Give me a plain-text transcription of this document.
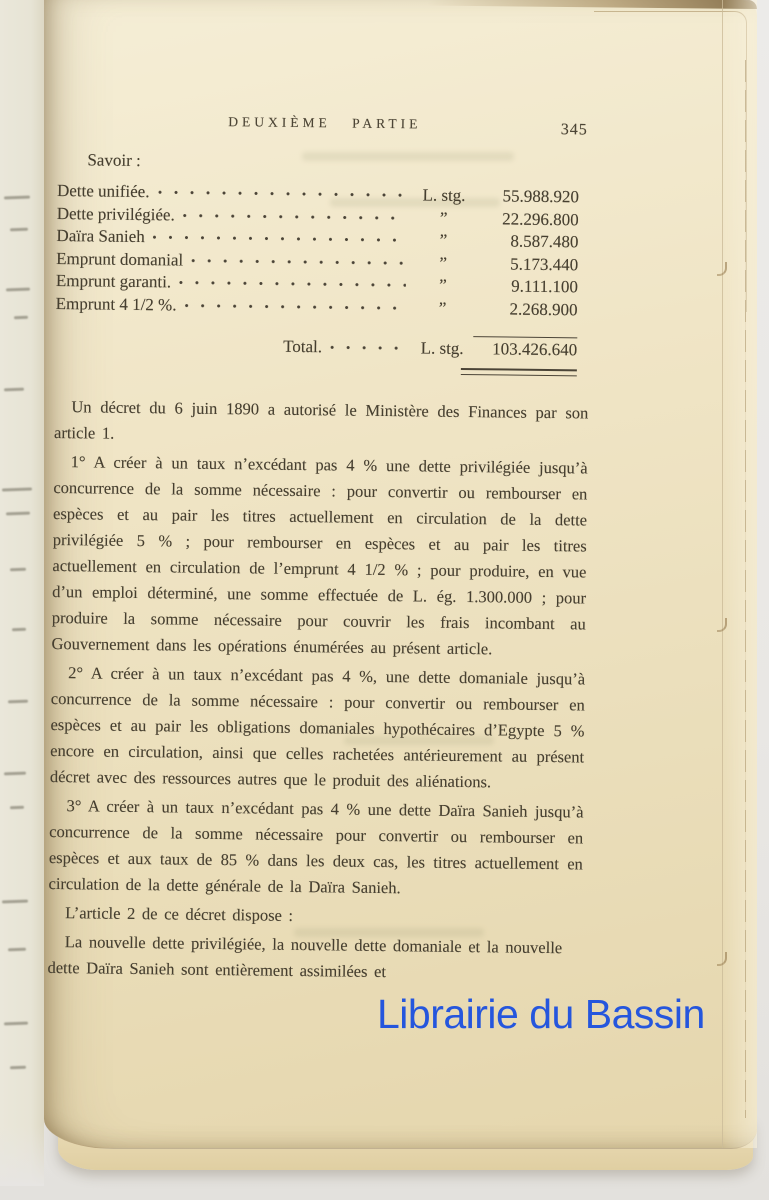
DEUXIÈME PARTIE	345
Savoir :
Dette unifiée.	L. stg.	55.988.920
Dette privilégiée.	”	22.296.800
Daïra Sanieh	”	8.587.480
Emprunt domanial	”	5.173.440
Emprunt garanti.	”	9.111.100
Emprunt 4 1/2 %.	”	2.268.900
Total.	L. stg.	103.426.640

Un décret du 6 juin 1890 a autorisé le Ministère des Finances par son article 1.

1° A créer à un taux n’excédant pas 4 % une dette privilégiée jusqu’à concurrence de la somme nécessaire : pour convertir ou rembourser en espèces et au pair les titres actuellement en circulation de la dette privilégiée 5 % ; pour rembourser en espèces et au pair les titres actuellement en circulation de l’emprunt 4 1/2 % ; pour produire, en vue d’un emploi déterminé, une somme effectuée de L. ég. 1.300.000 ; pour produire la somme nécessaire pour couvrir les frais incombant au Gouvernement dans les opérations énumérées au présent article.

2° A créer à un taux n’excédant pas 4 %, une dette domaniale jusqu’à concurrence de la somme nécessaire : pour convertir ou rembourser en espèces et au pair les obligations domaniales hypothécaires d’Egypte 5 % encore en circulation, ainsi que celles rachetées antérieurement au présent décret avec des ressources autres que le produit des aliénations.

3° A créer à un taux n’excédant pas 4 % une dette Daïra Sanieh jusqu’à concurrence de la somme nécessaire pour convertir ou rembourser en espèces et aux taux de 85 % dans les deux cas, les titres actuellement en circulation de la dette générale de la Daïra Sanieh.

L’article 2 de ce décret dispose :

La nouvelle dette privilégiée, la nouvelle dette domaniale et la nouvelle dette Daïra Sanieh sont entièrement assimilées et

Librairie du Bassin
